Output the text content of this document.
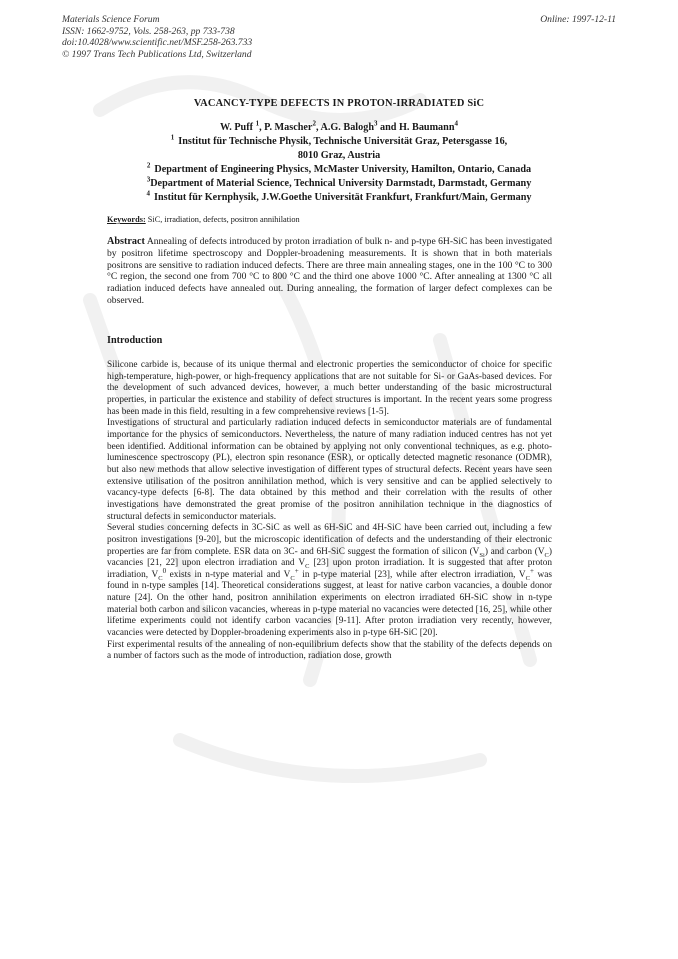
Materials Science Forum
ISSN: 1662-9752, Vols. 258-263, pp 733-738
doi:10.4028/www.scientific.net/MSF.258-263.733
© 1997 Trans Tech Publications Ltd, Switzerland
Online: 1997-12-11
VACANCY-TYPE DEFECTS IN PROTON-IRRADIATED SiC
W. Puff $^1$, P. Mascher$^2$, A.G. Balogh$^3$ and H. Baumann$^4$
$^1$ Institut für Technische Physik, Technische Universität Graz, Petersgasse 16,
8010 Graz, Austria
$^2$ Department of Engineering Physics, McMaster University, Hamilton, Ontario, Canada
$^3$Department of Material Science, Technical University Darmstadt, Darmstadt, Germany
$^4$ Institut für Kernphysik, J.W.Goethe Universität Frankfurt, Frankfurt/Main, Germany
Keywords: SiC, irradiation, defects, positron annihilation
Abstract Annealing of defects introduced by proton irradiation of bulk n- and p-type 6H-SiC has been investigated by positron lifetime spectroscopy and Doppler-broadening measurements. It is shown that in both materials positrons are sensitive to radiation induced defects. There are three main annealing stages, one in the 100 °C to 300 °C region, the second one from 700 °C to 800 °C and the third one above 1000 °C. After annealing at 1300 °C all radiation induced defects have annealed out. During annealing, the formation of larger defect complexes can be observed.
Introduction

Silicone carbide is, because of its unique thermal and electronic properties the semiconductor of choice for specific high-temperature, high-power, or high-frequency applications that are not suitable for Si- or GaAs-based devices. For the development of such advanced devices, however, a much better understanding of the basic microstructural properties, in particular the existence and stability of defect structures is important. In the recent years some progress has been made in this field, resulting in a few comprehensive reviews [1-5].

Investigations of structural and particularly radiation induced defects in semiconductor materials are of fundamental importance for the physics of semiconductors. Nevertheless, the nature of many radiation induced centres has not yet been identified. Additional information can be obtained by applying not only conventional techniques, as e.g. photo-luminescence spectroscopy (PL), electron spin resonance (ESR), or optically detected magnetic resonance (ODMR), but also new methods that allow selective investigation of different types of structural defects. Recent years have seen extensive utilisation of the positron annihilation method, which is very sensitive and can be applied selectively to vacancy-type defects [6-8]. The data obtained by this method and their correlation with the results of other investigations have demonstrated the great promise of the positron annihilation technique in the diagnostics of structural defects in semiconductor materials.

Several studies concerning defects in 3C-SiC as well as 6H-SiC and 4H-SiC have been carried out, including a few positron investigations [9-20], but the microscopic identification of defects and the understanding of their electronic properties are far from complete. ESR data on 3C- and 6H-SiC suggest the formation of silicon $(V_{Si})$ and carbon $(V_C)$ vacancies [21, 22] upon electron irradiation and $V_C$ [23] upon proton irradiation. It is suggested that after proton irradiation, $V_C^0$ exists in n-type material and $V_C^+$ in p-type material [23], while after electron irradiation, $V_C^+$ was found in n-type samples [14]. Theoretical considerations suggest, at least for native carbon vacancies, a double donor nature [24]. On the other hand, positron annihilation experiments on electron irradiated 6H-SiC show in n-type material both carbon and silicon vacancies, whereas in p-type material no vacancies were detected [16, 25], while other lifetime experiments could not identify carbon vacancies [9-11]. After proton irradiation very recently, however, vacancies were detected by Doppler-broadening experiments also in p-type 6H-SiC [20].

First experimental results of the annealing of non-equilibrium defects show that the stability of the defects depends on a number of factors such as the mode of introduction, radiation dose, growth
